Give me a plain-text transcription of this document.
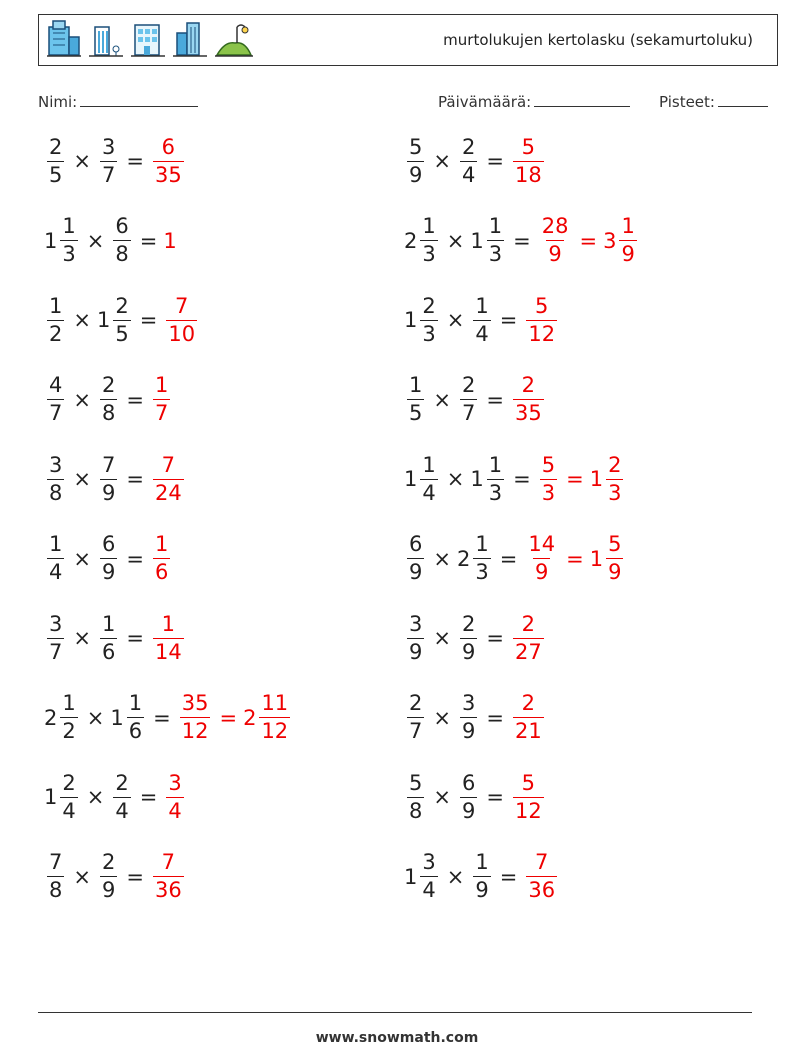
murtolukujen kertolasku (sekamurtoluku)
Nimi:	Päivämäärä:	Pisteet:
$\frac{2}{5} \times \frac{3}{7} = \frac{6}{35}$	$\frac{5}{9} \times \frac{2}{4} = \frac{5}{18}$
$1 \frac{1}{3} \times \frac{6}{8} = 1$	$2 \frac{1}{3} \times 1 \frac{1}{3} = \frac{28}{9} = 3 \frac{1}{9}$
$\frac{1}{2} \times 1 \frac{2}{5} = \frac{7}{10}$	$1 \frac{2}{3} \times \frac{1}{4} = \frac{5}{12}$
$\frac{4}{7} \times \frac{2}{8} = \frac{1}{7}$	$\frac{1}{5} \times \frac{2}{7} = \frac{2}{35}$
$\frac{3}{8} \times \frac{7}{9} = \frac{7}{24}$	$1 \frac{1}{4} \times 1 \frac{1}{3} = \frac{5}{3} = 1 \frac{2}{3}$
$\frac{1}{4} \times \frac{6}{9} = \frac{1}{6}$	$\frac{6}{9} \times 2 \frac{1}{3} = \frac{14}{9} = 1 \frac{5}{9}$
$\frac{3}{7} \times \frac{1}{6} = \frac{1}{14}$	$\frac{3}{9} \times \frac{2}{9} = \frac{2}{27}$
$2 \frac{1}{2} \times 1 \frac{1}{6} = \frac{35}{12} = 2 \frac{11}{12}$	$\frac{2}{7} \times \frac{3}{9} = \frac{2}{21}$
$1 \frac{2}{4} \times \frac{2}{4} = \frac{3}{4}$	$\frac{5}{8} \times \frac{6}{9} = \frac{5}{12}$
$\frac{7}{8} \times \frac{2}{9} = \frac{7}{36}$	$1 \frac{3}{4} \times \frac{1}{9} = \frac{7}{36}$
www.snowmath.com
